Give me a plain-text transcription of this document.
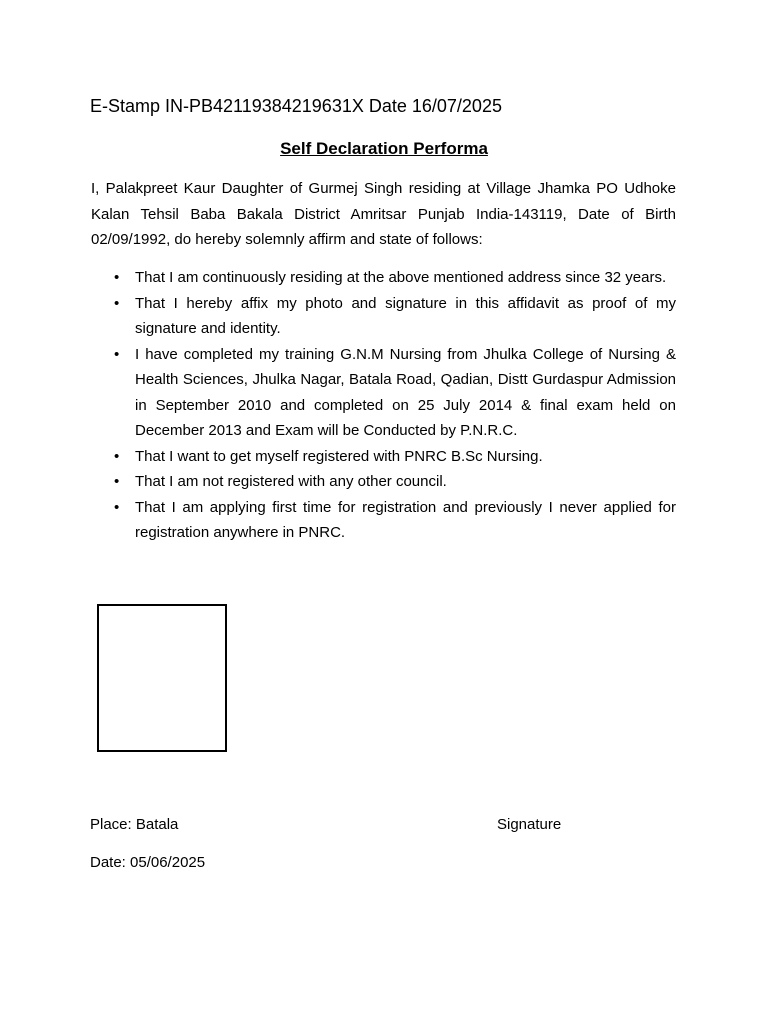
E-Stamp IN-PB42119384219631X Date 16/07/2025
Self Declaration Performa
I, Palakpreet Kaur Daughter of Gurmej Singh residing at Village Jhamka PO Udhoke Kalan Tehsil Baba Bakala District Amritsar Punjab India-143119, Date of Birth 02/09/1992, do hereby solemnly affirm and state of follows:
• That I am continuously residing at the above mentioned address since 32 years.
• That I hereby affix my photo and signature in this affidavit as proof of my signature and identity.
• I have completed my training G.N.M Nursing from Jhulka College of Nursing & Health Sciences, Jhulka Nagar, Batala Road, Qadian, Distt Gurdaspur Admission in September 2010 and completed on 25 July 2014 & final exam held on December 2013 and Exam will be Conducted by P.N.R.C.
• That I want to get myself registered with PNRC B.Sc Nursing.
• That I am not registered with any other council.
• That I am applying first time for registration and previously I never applied for registration anywhere in PNRC.
Place: Batala	Signature
Date: 05/06/2025
